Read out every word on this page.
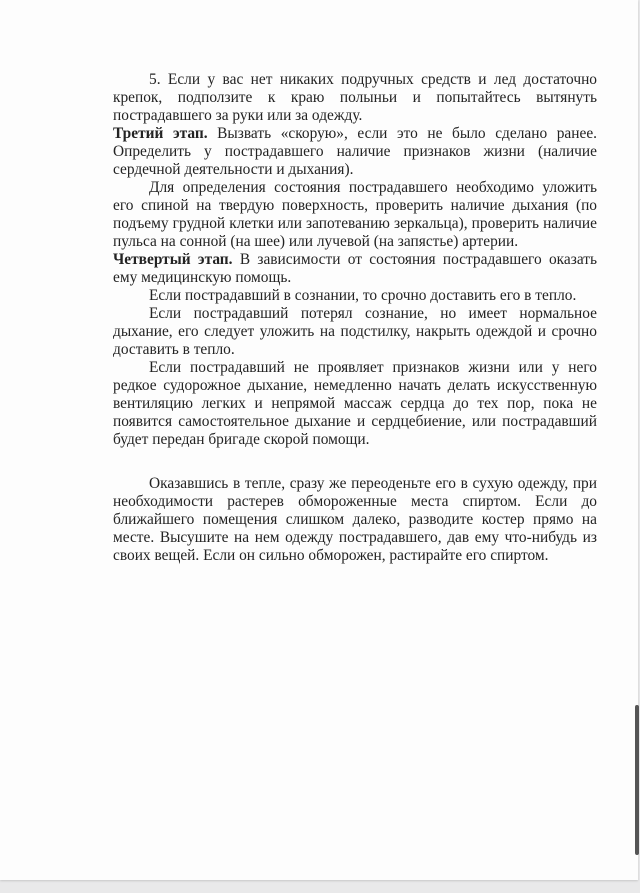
5. Если у вас нет никаких подручных средств и лед достаточно крепок, подползите к краю полыньи и попытайтесь вытянуть пострадавшего за руки или за одежду.

Третий этап. Вызвать «скорую», если это не было сделано ранее. Определить у пострадавшего наличие признаков жизни (наличие сердечной деятельности и дыхания).

Для определения состояния пострадавшего необходимо уложить его спиной на твердую поверхность, проверить наличие дыхания (по подъему грудной клетки или запотеванию зеркальца), проверить наличие пульса на сонной (на шее) или лучевой (на запястье) артерии.

Четвертый этап. В зависимости от состояния пострадавшего оказать ему медицинскую помощь.

Если пострадавший в сознании, то срочно доставить его в тепло.

Если пострадавший потерял сознание, но имеет нормальное дыхание, его следует уложить на подстилку, накрыть одеждой и срочно доставить в тепло.

Если пострадавший не проявляет признаков жизни или у него редкое судорожное дыхание, немедленно начать делать искусственную вентиляцию легких и непрямой массаж сердца до тех пор, пока не появится самостоятельное дыхание и сердцебиение, или пострадавший будет передан бригаде скорой помощи.

Оказавшись в тепле, сразу же переоденьте его в сухую одежду, при необходимости растерев обмороженные места спиртом. Если до ближайшего помещения слишком далеко, разводите костер прямо на месте. Высушите на нем одежду пострадавшего, дав ему что-нибудь из своих вещей. Если он сильно обморожен, растирайте его спиртом.
